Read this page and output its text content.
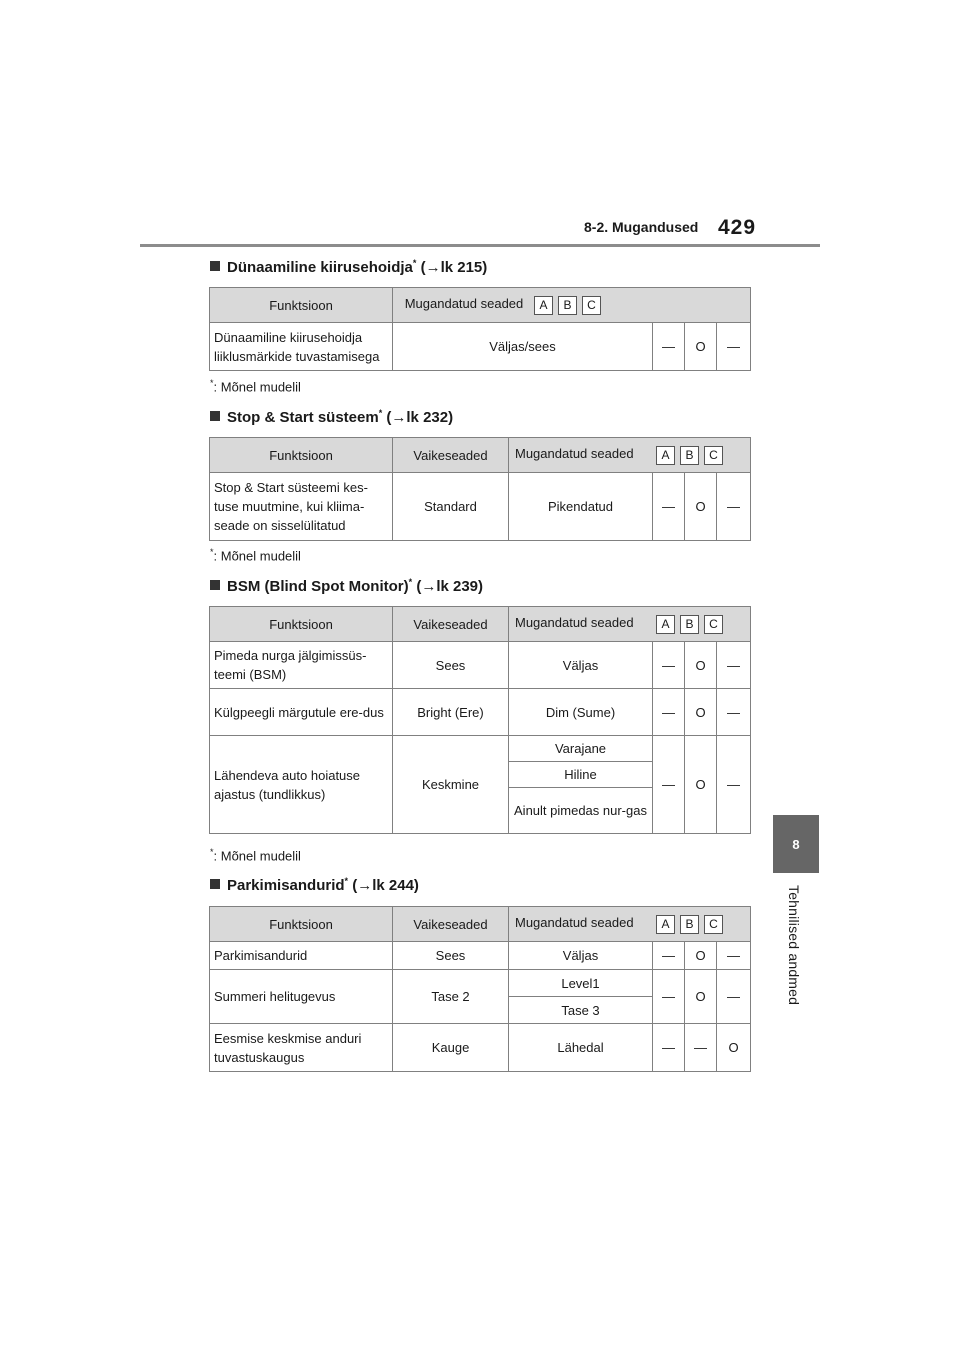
8-2. Mugandused 429
8
Tehnilised andmed
Dünaamiline kiirusehoidja* (→lk 215)
Funktsioon	Mugandatud seaded A B C			
Dünaamiline kiirusehoidja liiklusmärkide tuvastamisega	Väljas/sees	—	O	—
*: Mõnel mudelil
Stop & Start süsteem* (→lk 232)
Funktsioon	Vaikeseaded	Mugandatud seaded A B C			
Stop & Start süsteemi kes-tuse muutmine, kui kliima-seade on sisselülitatud	Standard	Pikendatud	—	O	—
*: Mõnel mudelil
BSM (Blind Spot Monitor)* (→lk 239)
Funktsioon	Vaikeseaded	Mugandatud seaded A B C			
Pimeda nurga jälgimissüs-teemi (BSM)	Sees	Väljas	—	O	—
Külgpeegli märgutule ere-dus	Bright (Ere)	Dim (Sume)	—	O	—
Lähendeva auto hoiatuse ajastus (tundlikkus)	Keskmine	Varajane	—	O	—
		Hiline			
		Ainult pimedas nur-gas			
*: Mõnel mudelil
Parkimisandurid* (→lk 244)
Funktsioon	Vaikeseaded	Mugandatud seaded A B C			
Parkimisandurid	Sees	Väljas	—	O	—
Summeri helitugevus	Tase 2	Level1	—	O	—
		Tase 3			
Eesmise keskmise anduri tuvastuskaugus	Kauge	Lähedal	—	—	O
